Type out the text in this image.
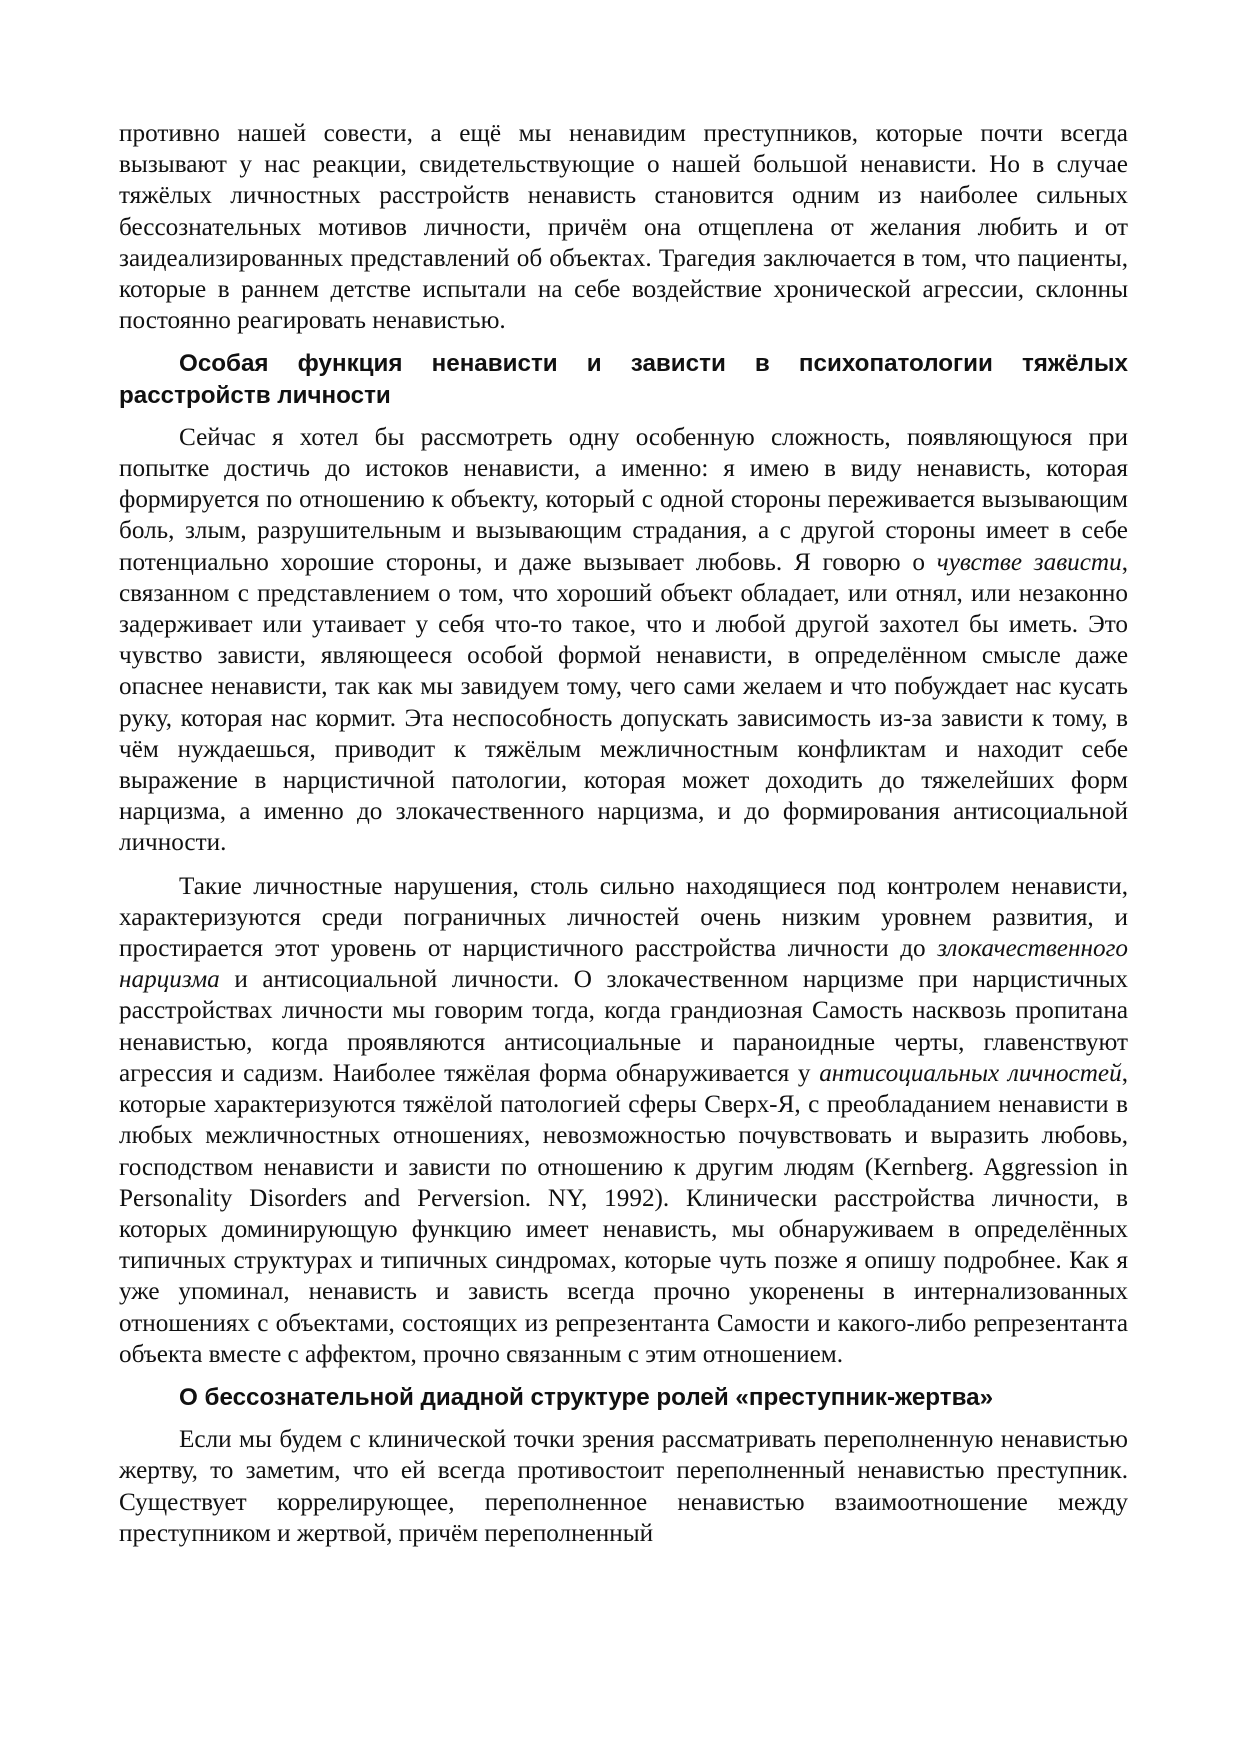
противно нашей совести, а ещё мы ненавидим преступников, которые почти всегда вызывают у нас реакции, свидетельствующие о нашей большой ненависти. Но в случае тяжёлых личностных расстройств ненависть становится одним из наиболее сильных бессознательных мотивов личности, причём она отщеплена от желания любить и от заидеализированных представлений об объектах. Трагедия заключается в том, что пациенты, которые в раннем детстве испытали на себе воздействие хронической агрессии, склонны постоянно реагировать ненавистью.

Особая функция ненависти и зависти в психопатологии тяжёлых расстройств личности

Сейчас я хотел бы рассмотреть одну особенную сложность, появляющуюся при попытке достичь до истоков ненависти, а именно: я имею в виду ненависть, которая формируется по отношению к объекту, который с одной стороны переживается вызывающим боль, злым, разрушительным и вызывающим страдания, а с другой стороны имеет в себе потенциально хорошие стороны, и даже вызывает любовь. Я говорю о чувстве зависти, связанном с представлением о том, что хороший объект обладает, или отнял, или незаконно задерживает или утаивает у себя что-то такое, что и любой другой захотел бы иметь. Это чувство зависти, являющееся особой формой ненависти, в определённом смысле даже опаснее ненависти, так как мы завидуем тому, чего сами желаем и что побуждает нас кусать руку, которая нас кормит. Эта неспособность допускать зависимость из-за зависти к тому, в чём нуждаешься, приводит к тяжёлым межличностным конфликтам и находит себе выражение в нарцистичной патологии, которая может доходить до тяжелейших форм нарцизма, а именно до злокачественного нарцизма, и до формирования антисоциальной личности.

Такие личностные нарушения, столь сильно находящиеся под контролем ненависти, характеризуются среди пограничных личностей очень низким уровнем развития, и простирается этот уровень от нарцистичного расстройства личности до злокачественного нарцизма и антисоциальной личности. О злокачественном нарцизме при нарцистичных расстройствах личности мы говорим тогда, когда грандиозная Самость насквозь пропитана ненавистью, когда проявляются антисоциальные и параноидные черты, главенствуют агрессия и садизм. Наиболее тяжёлая форма обнаруживается у антисоциальных личностей, которые характеризуются тяжёлой патологией сферы Сверх-Я, с преобладанием ненависти в любых межличностных отношениях, невозможностью почувствовать и выразить любовь, господством ненависти и зависти по отношению к другим людям (Kernberg. Aggression in Personality Disorders and Perversion. NY, 1992). Клинически расстройства личности, в которых доминирующую функцию имеет ненависть, мы обнаруживаем в определённых типичных структурах и типичных синдромах, которые чуть позже я опишу подробнее. Как я уже упоминал, ненависть и зависть всегда прочно укоренены в интернализованных отношениях с объектами, состоящих из репрезентанта Самости и какого-либо репрезентанта объекта вместе с аффектом, прочно связанным с этим отношением.

О бессознательной диадной структуре ролей «преступник-жертва»

Если мы будем с клинической точки зрения рассматривать переполненную ненавистью жертву, то заметим, что ей всегда противостоит переполненный ненавистью преступник. Существует коррелирующее, переполненное ненавистью взаимоотношение между преступником и жертвой, причём переполненный
